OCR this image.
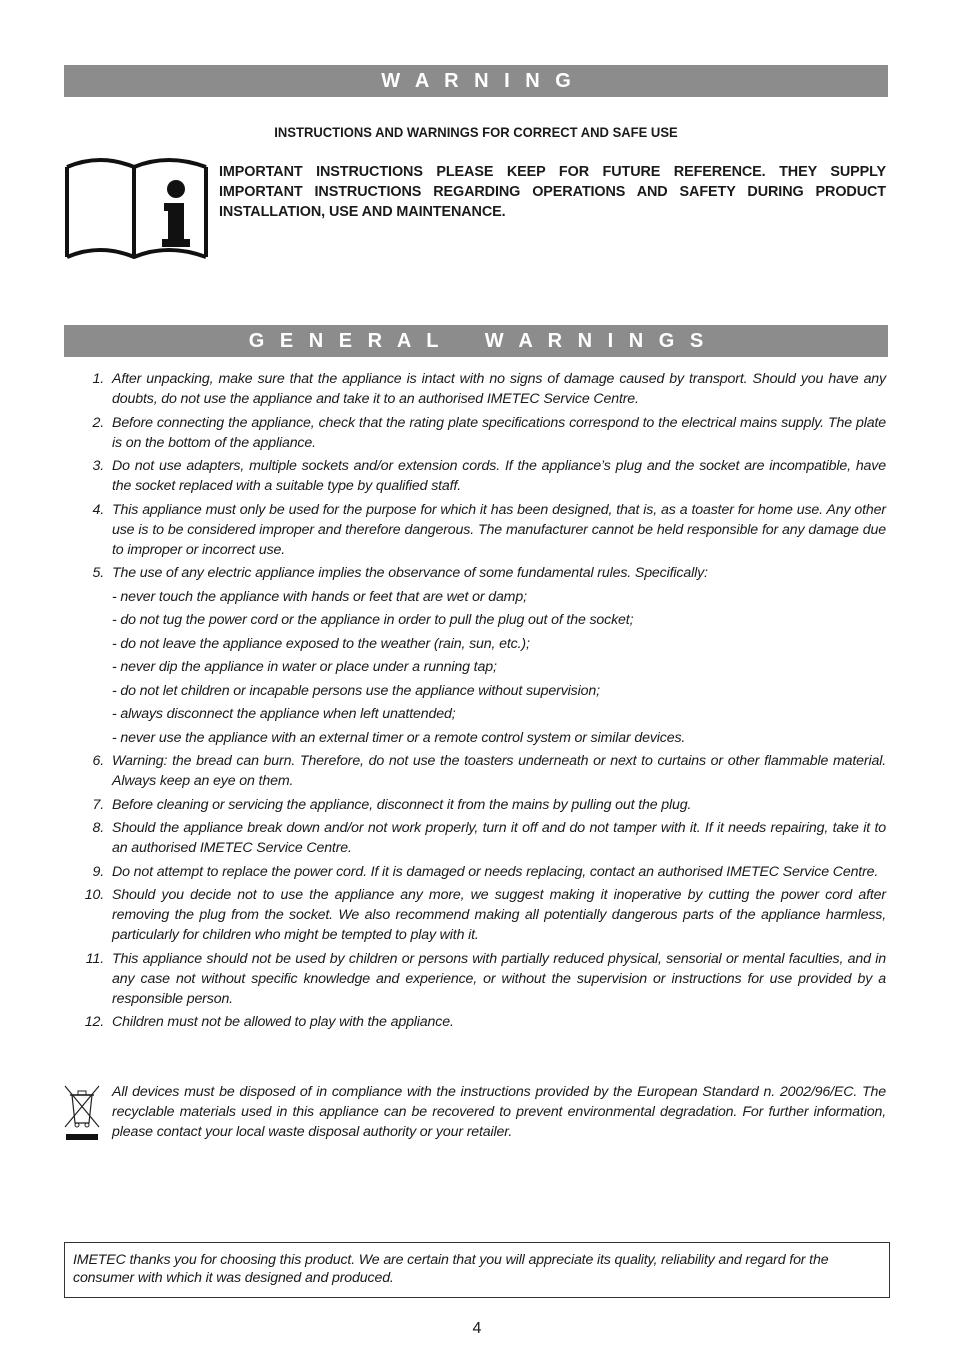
W A R N I N G
INSTRUCTIONS AND WARNINGS FOR CORRECT AND SAFE USE
IMPORTANT INSTRUCTIONS PLEASE KEEP FOR FUTURE REFERENCE. THEY SUPPLY IMPORTANT INSTRUCTIONS REGARDING OPERATIONS AND SAFETY DURING PRODUCT INSTALLATION, USE AND MAINTENANCE.
G E N E R A L   W A R N I N G S
1. After unpacking, make sure that the appliance is intact with no signs of damage caused by transport. Should you have any doubts, do not use the appliance and take it to an authorised IMETEC Service Centre.
2. Before connecting the appliance, check that the rating plate specifications correspond to the electrical mains supply. The plate is on the bottom of the appliance.
3. Do not use adapters, multiple sockets and/or extension cords. If the appliance’s plug and the socket are incompatible, have the socket replaced with a suitable type by qualified staff.
4. This appliance must only be used for the purpose for which it has been designed, that is, as a toaster for home use. Any other use is to be considered improper and therefore dangerous. The manufacturer cannot be held responsible for any damage due to improper or incorrect use.
5. The use of any electric appliance implies the observance of some fundamental rules. Specifically:
- never touch the appliance with hands or feet that are wet or damp;
- do not tug the power cord or the appliance in order to pull the plug out of the socket;
- do not leave the appliance exposed to the weather (rain, sun, etc.);
- never dip the appliance in water or place under a running tap;
- do not let children or incapable persons use the appliance without supervision;
- always disconnect the appliance when left unattended;
- never use the appliance with an external timer or a remote control system or similar devices.
6. Warning: the bread can burn. Therefore, do not use the toasters underneath or next to curtains or other flammable material. Always keep an eye on them.
7. Before cleaning or servicing the appliance, disconnect it from the mains by pulling out the plug.
8. Should the appliance break down and/or not work properly, turn it off and do not tamper with it. If it needs repairing, take it to an authorised IMETEC Service Centre.
9. Do not attempt to replace the power cord. If it is damaged or needs replacing, contact an authorised IMETEC Service Centre.
10. Should you decide not to use the appliance any more, we suggest making it inoperative by cutting the power cord after removing the plug from the socket. We also recommend making all potentially dangerous parts of the appliance harmless, particularly for children who might be tempted to play with it.
11. This appliance should not be used by children or persons with partially reduced physical, sensorial or mental faculties, and in any case not without specific knowledge and experience, or without the supervision or instructions for use provided by a responsible person.
12. Children must not be allowed to play with the appliance.
All devices must be disposed of in compliance with the instructions provided by the European Standard n. 2002/96/EC. The recyclable materials used in this appliance can be recovered to prevent environmental degradation. For further information, please contact your local waste disposal authority or your retailer.
IMETEC thanks you for choosing this product. We are certain that you will appreciate its quality, reliability and regard for the consumer with which it was designed and produced.
4
